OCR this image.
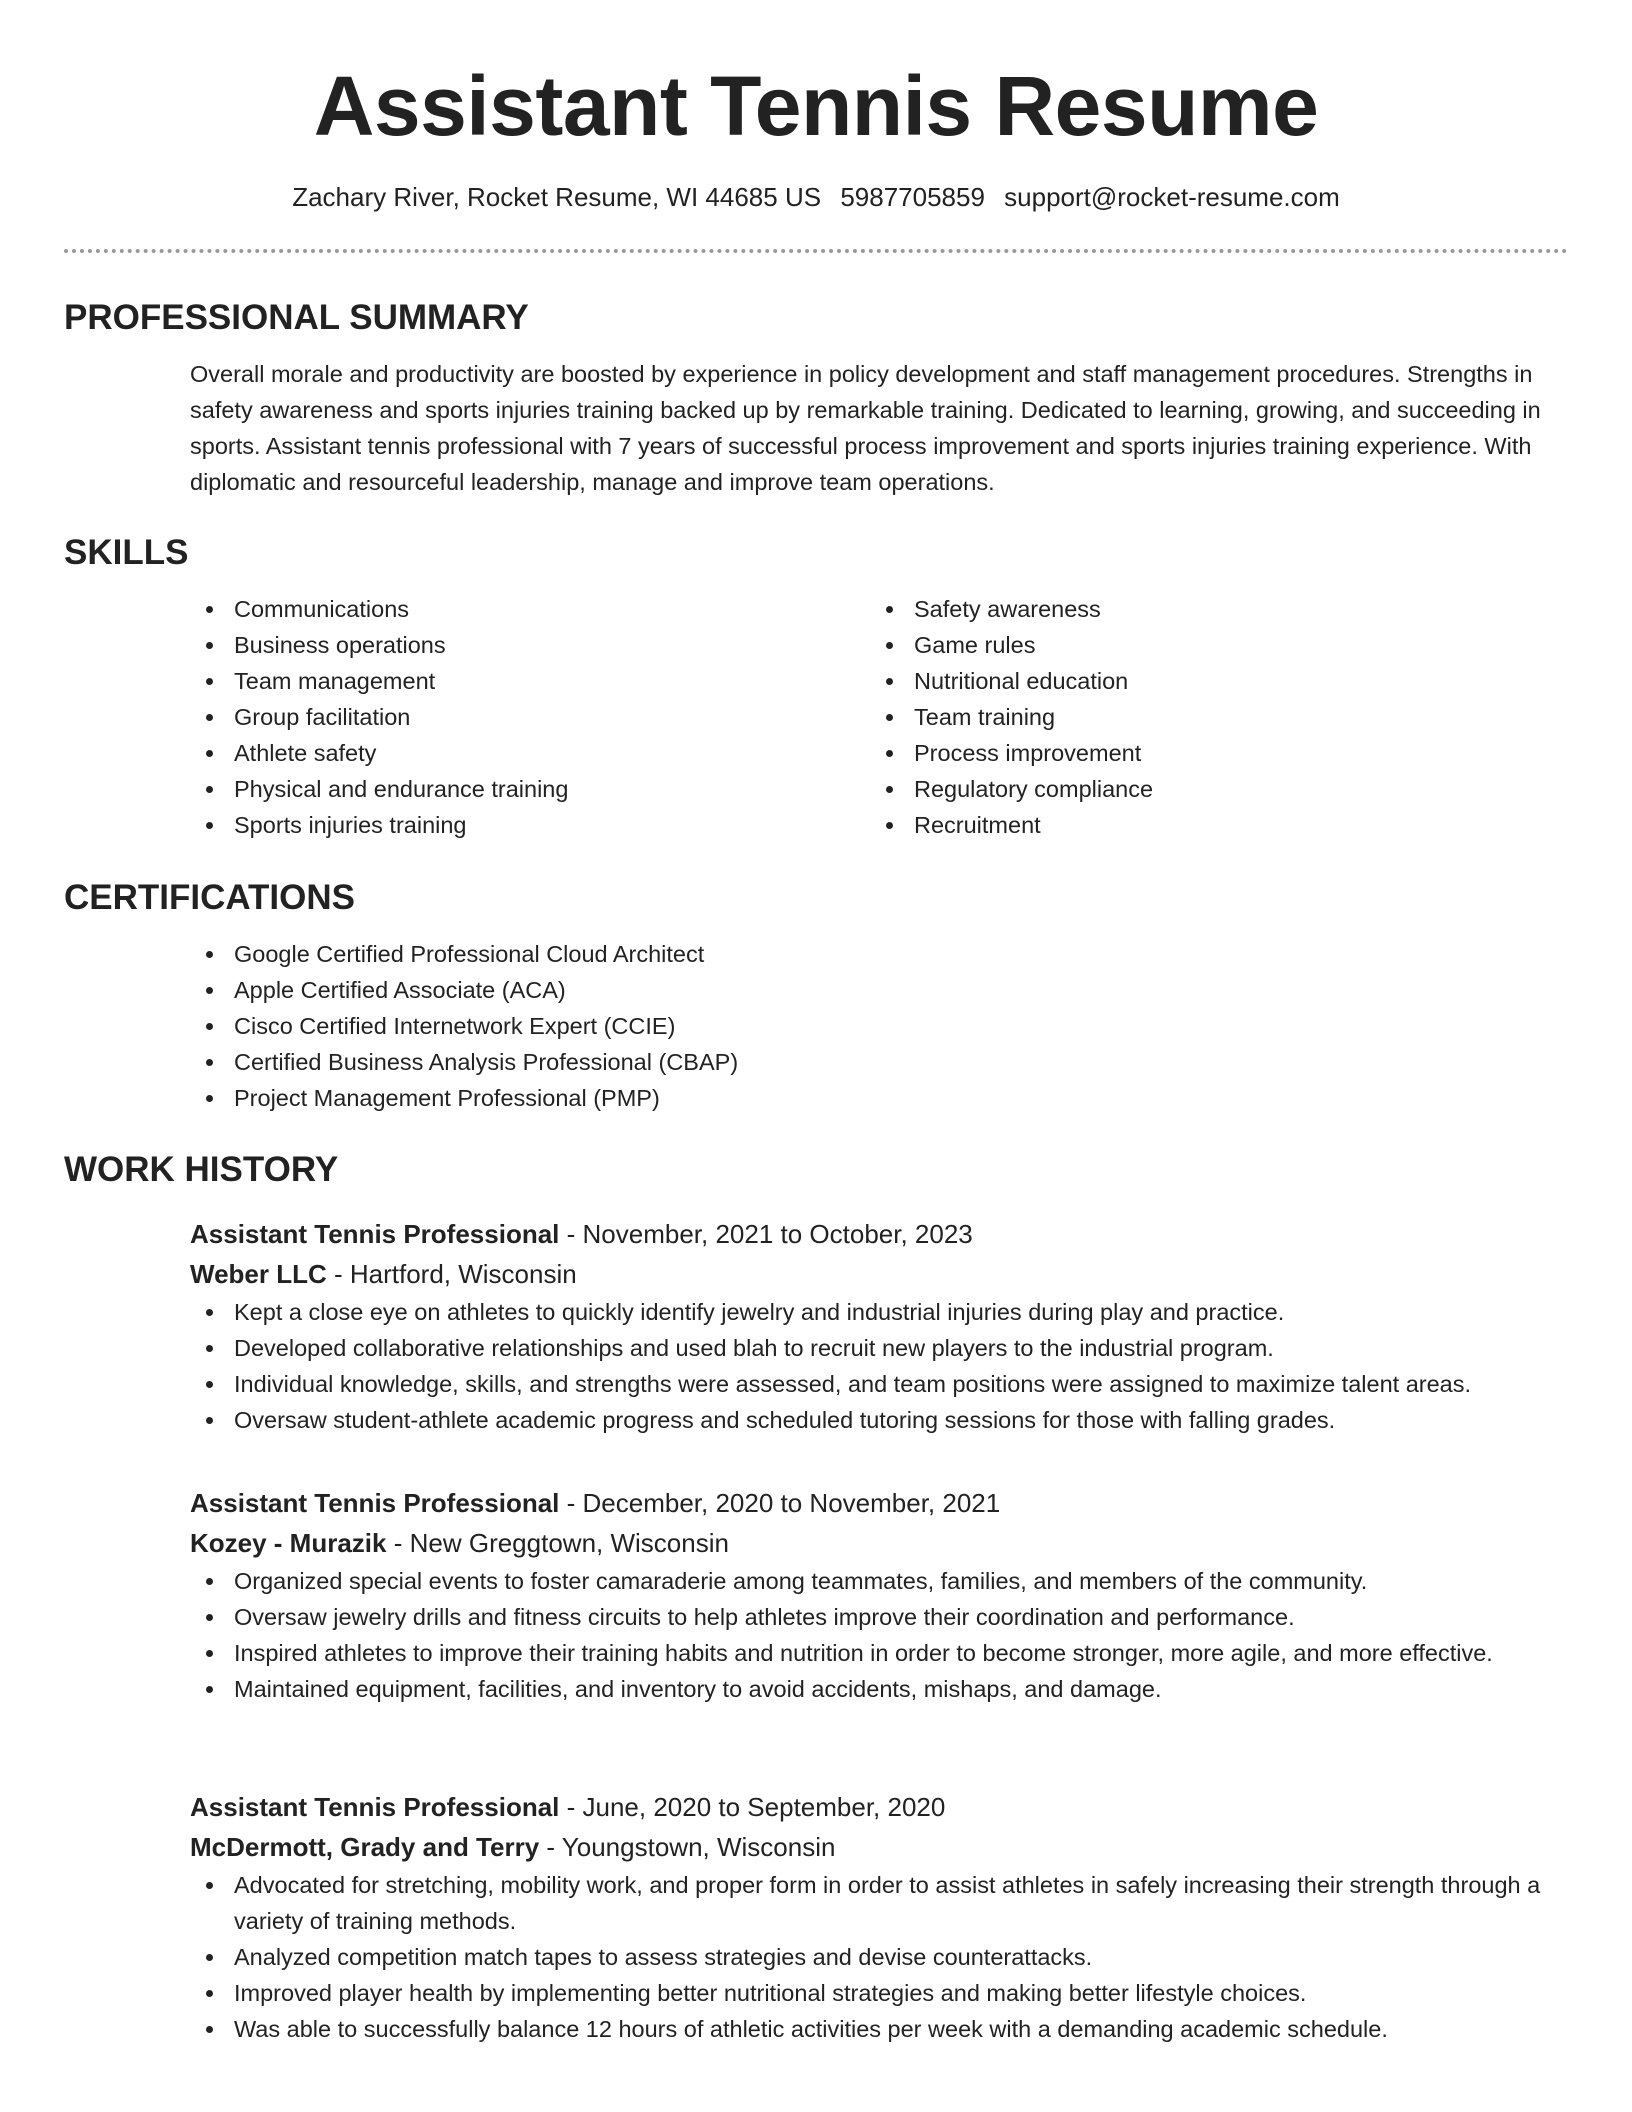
Assistant Tennis Resume
Zachary River, Rocket Resume, WI 44685 US 5987705859 support@rocket-resume.com
PROFESSIONAL SUMMARY

Overall morale and productivity are boosted by experience in policy development and staff management procedures. Strengths in safety awareness and sports injuries training backed up by remarkable training. Dedicated to learning, growing, and succeeding in sports. Assistant tennis professional with 7 years of successful process improvement and sports injuries training experience. With diplomatic and resourceful leadership, manage and improve team operations.

SKILLS
Communications
Business operations
Team management
Group facilitation
Athlete safety
Physical and endurance training
Sports injuries training
Safety awareness
Game rules
Nutritional education
Team training
Process improvement
Regulatory compliance
Recruitment
CERTIFICATIONS
Google Certified Professional Cloud Architect
Apple Certified Associate (ACA)
Cisco Certified Internetwork Expert (CCIE)
Certified Business Analysis Professional (CBAP)
Project Management Professional (PMP)
WORK HISTORY
Assistant Tennis Professional - November, 2021 to October, 2023
Weber LLC - Hartford, Wisconsin
Kept a close eye on athletes to quickly identify jewelry and industrial injuries during play and practice.
Developed collaborative relationships and used blah to recruit new players to the industrial program.
Individual knowledge, skills, and strengths were assessed, and team positions were assigned to maximize talent areas.
Oversaw student-athlete academic progress and scheduled tutoring sessions for those with falling grades.
Assistant Tennis Professional - December, 2020 to November, 2021
Kozey - Murazik - New Greggtown, Wisconsin
Organized special events to foster camaraderie among teammates, families, and members of the community.
Oversaw jewelry drills and fitness circuits to help athletes improve their coordination and performance.
Inspired athletes to improve their training habits and nutrition in order to become stronger, more agile, and more effective.
Maintained equipment, facilities, and inventory to avoid accidents, mishaps, and damage.
Assistant Tennis Professional - June, 2020 to September, 2020
McDermott, Grady and Terry - Youngstown, Wisconsin
Advocated for stretching, mobility work, and proper form in order to assist athletes in safely increasing their strength through a variety of training methods.
Analyzed competition match tapes to assess strategies and devise counterattacks.
Improved player health by implementing better nutritional strategies and making better lifestyle choices.
Was able to successfully balance 12 hours of athletic activities per week with a demanding academic schedule.
